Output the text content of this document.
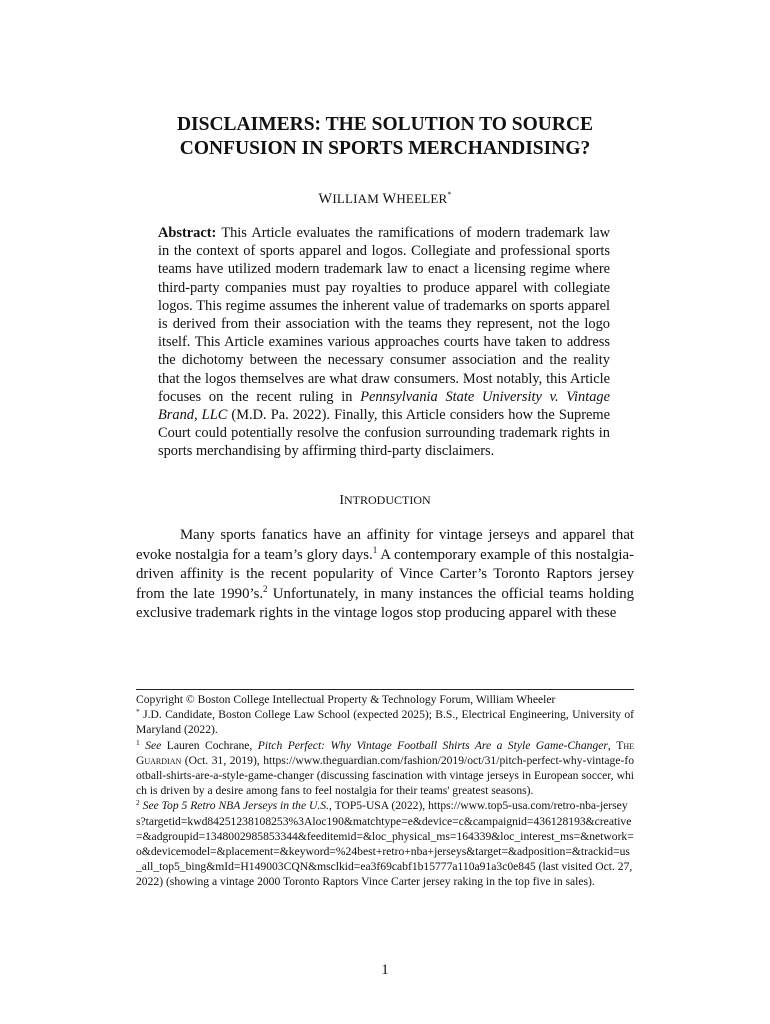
DISCLAIMERS: THE SOLUTION TO SOURCE
CONFUSION IN SPORTS MERCHANDISING?
WILLIAM WHEELER*
Abstract: This Article evaluates the ramifications of modern trademark law in the context of sports apparel and logos. Collegiate and professional sports teams have utilized modern trademark law to enact a licensing regime where third-party companies must pay royalties to produce apparel with collegiate logos. This regime assumes the inherent value of trademarks on sports apparel is derived from their association with the teams they represent, not the logo itself. This Article examines various approaches courts have taken to address the dichotomy between the necessary consumer association and the reality that the logos themselves are what draw consumers. Most notably, this Article focuses on the recent ruling in Pennsylvania State University v. Vintage Brand, LLC (M.D. Pa. 2022). Finally, this Article considers how the Supreme Court could potentially resolve the confusion surrounding trademark rights in sports merchandising by affirming third-party disclaimers.
INTRODUCTION

Many sports fanatics have an affinity for vintage jerseys and apparel that evoke nostalgia for a team’s glory days.$^1$ A contemporary example of this nostalgia-driven affinity is the recent popularity of Vince Carter’s Toronto Raptors jersey from the late 1990’s.$^2$ Unfortunately, in many instances the official teams holding exclusive trademark rights in the vintage logos stop producing apparel with these

Copyright © Boston College Intellectual Property & Technology Forum, William Wheeler

* J.D. Candidate, Boston College Law School (expected 2025); B.S., Electrical Engineering, University of Maryland (2022).

$^1$ See Lauren Cochrane, Pitch Perfect: Why Vintage Football Shirts Are a Style Game-Changer, The Guardian (Oct. 31, 2019), https://www.theguardian.com/fashion/2019/oct/31/pitch-perfect-why-vintage-football-shirts-are-a-style-game-changer (discussing fascination with vintage jerseys in European soccer, which is driven by a desire among fans to feel nostalgia for their teams' greatest seasons).

$^2$ See Top 5 Retro NBA Jerseys in the U.S., TOP5-USA (2022), https://www.top5-usa.com/retro-nba-jerseys?targetid=kwd84251238108253%3Aloc190&matchtype=e&device=c&campaignid=436128193&creative=&adgroupid=1348002985853344&feeditemid=&loc_physical_ms=164339&loc_interest_ms=&network=o&devicemodel=&placement=&keyword=%24best+retro+nba+jerseys&target=&adposition=&trackid=us_all_top5_bing&mId=H149003CQN&msclkid=ea3f69cabf1b15777a110a91a3c0e845 (last visited Oct. 27, 2022) (showing a vintage 2000 Toronto Raptors Vince Carter jersey raking in the top five in sales).

1
